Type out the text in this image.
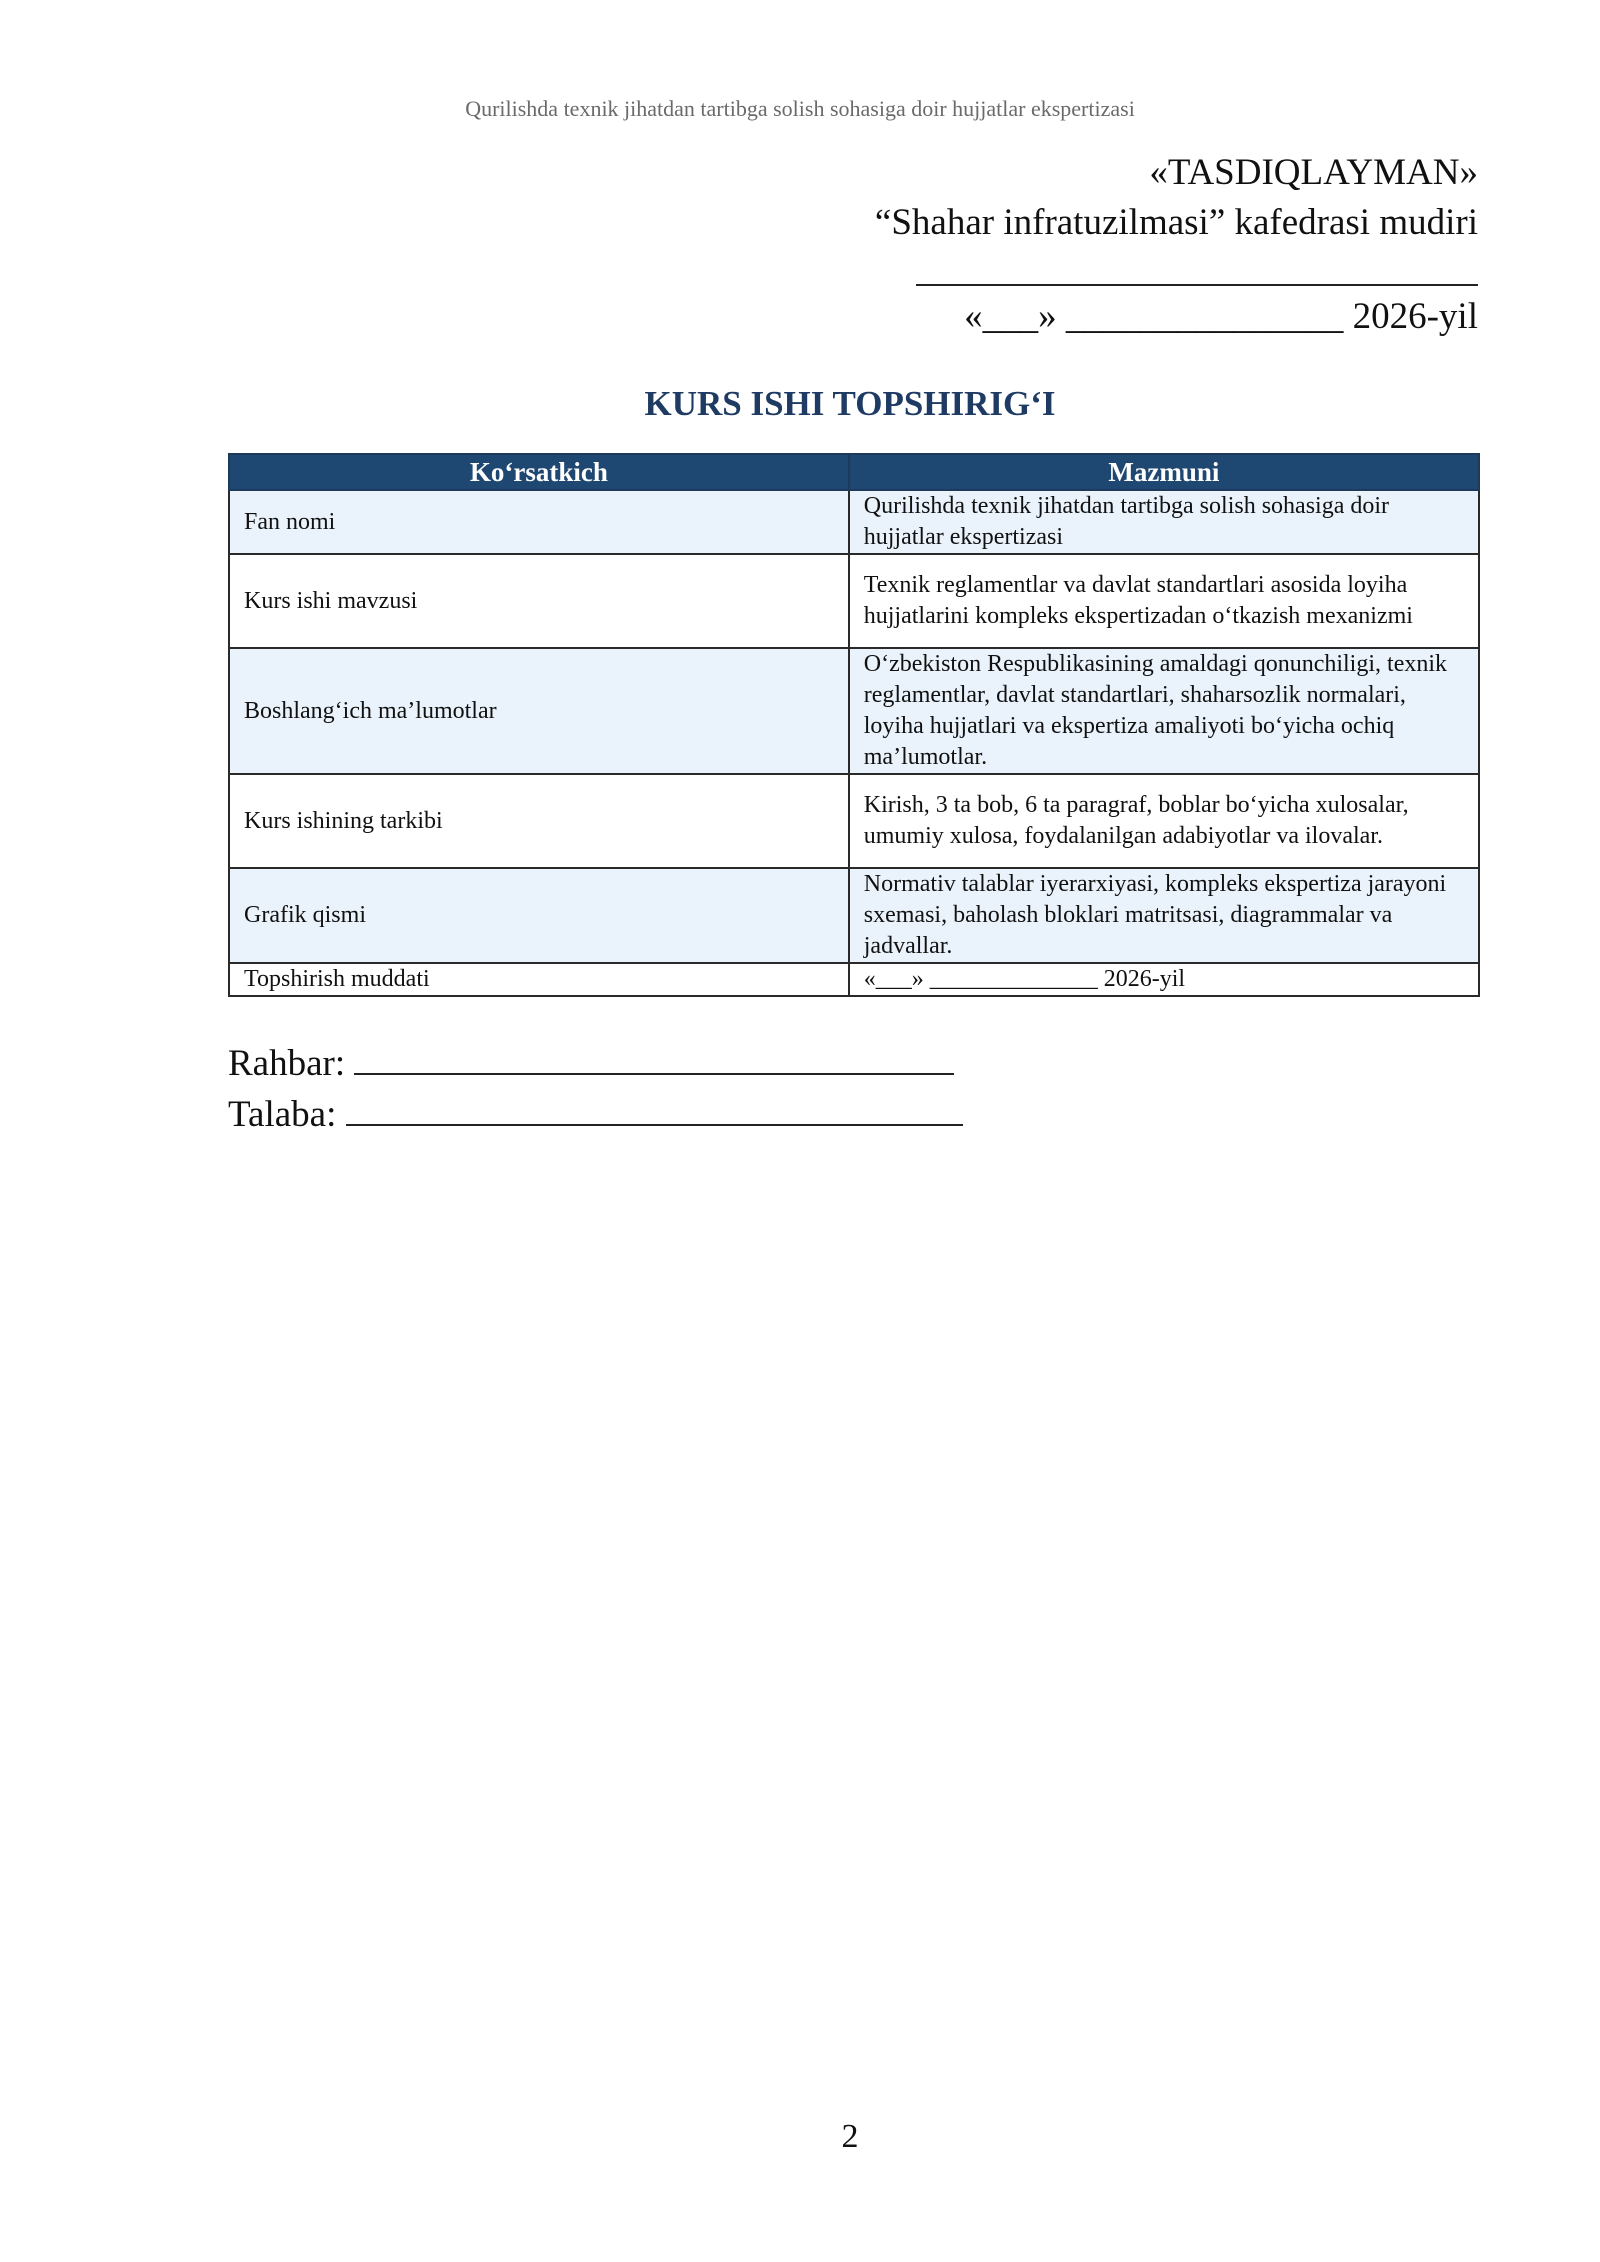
Qurilishda texnik jihatdan tartibga solish sohasiga doir hujjatlar ekspertizasi
«TASDIQLAYMAN»
“Shahar infratuzilmasi” kafedrasi mudiri
«___» _______________ 2026-yil
KURS ISHI TOPSHIRIG‘I
Ko‘rsatkich	Mazmuni
Fan nomi	Qurilishda texnik jihatdan tartibga solish sohasiga doir hujjatlar ekspertizasi
Kurs ishi mavzusi	Texnik reglamentlar va davlat standartlari asosida loyiha hujjatlarini kompleks ekspertizadan o‘tkazish mexanizmi
Boshlang‘ich ma’lumotlar	O‘zbekiston Respublikasining amaldagi qonunchiligi, texnik reglamentlar, davlat standartlari, shaharsozlik normalari, loyiha hujjatlari va ekspertiza amaliyoti bo‘yicha ochiq ma’lumotlar.
Kurs ishining tarkibi	Kirish, 3 ta bob, 6 ta paragraf, boblar bo‘yicha xulosalar, umumiy xulosa, foydalanilgan adabiyotlar va ilovalar.
Grafik qismi	Normativ talablar iyerarxiyasi, kompleks ekspertiza jarayoni sxemasi, baholash bloklari matritsasi, diagrammalar va jadvallar.
Topshirish muddati	«___» ______________ 2026-yil
Rahbar:
Talaba:
2
